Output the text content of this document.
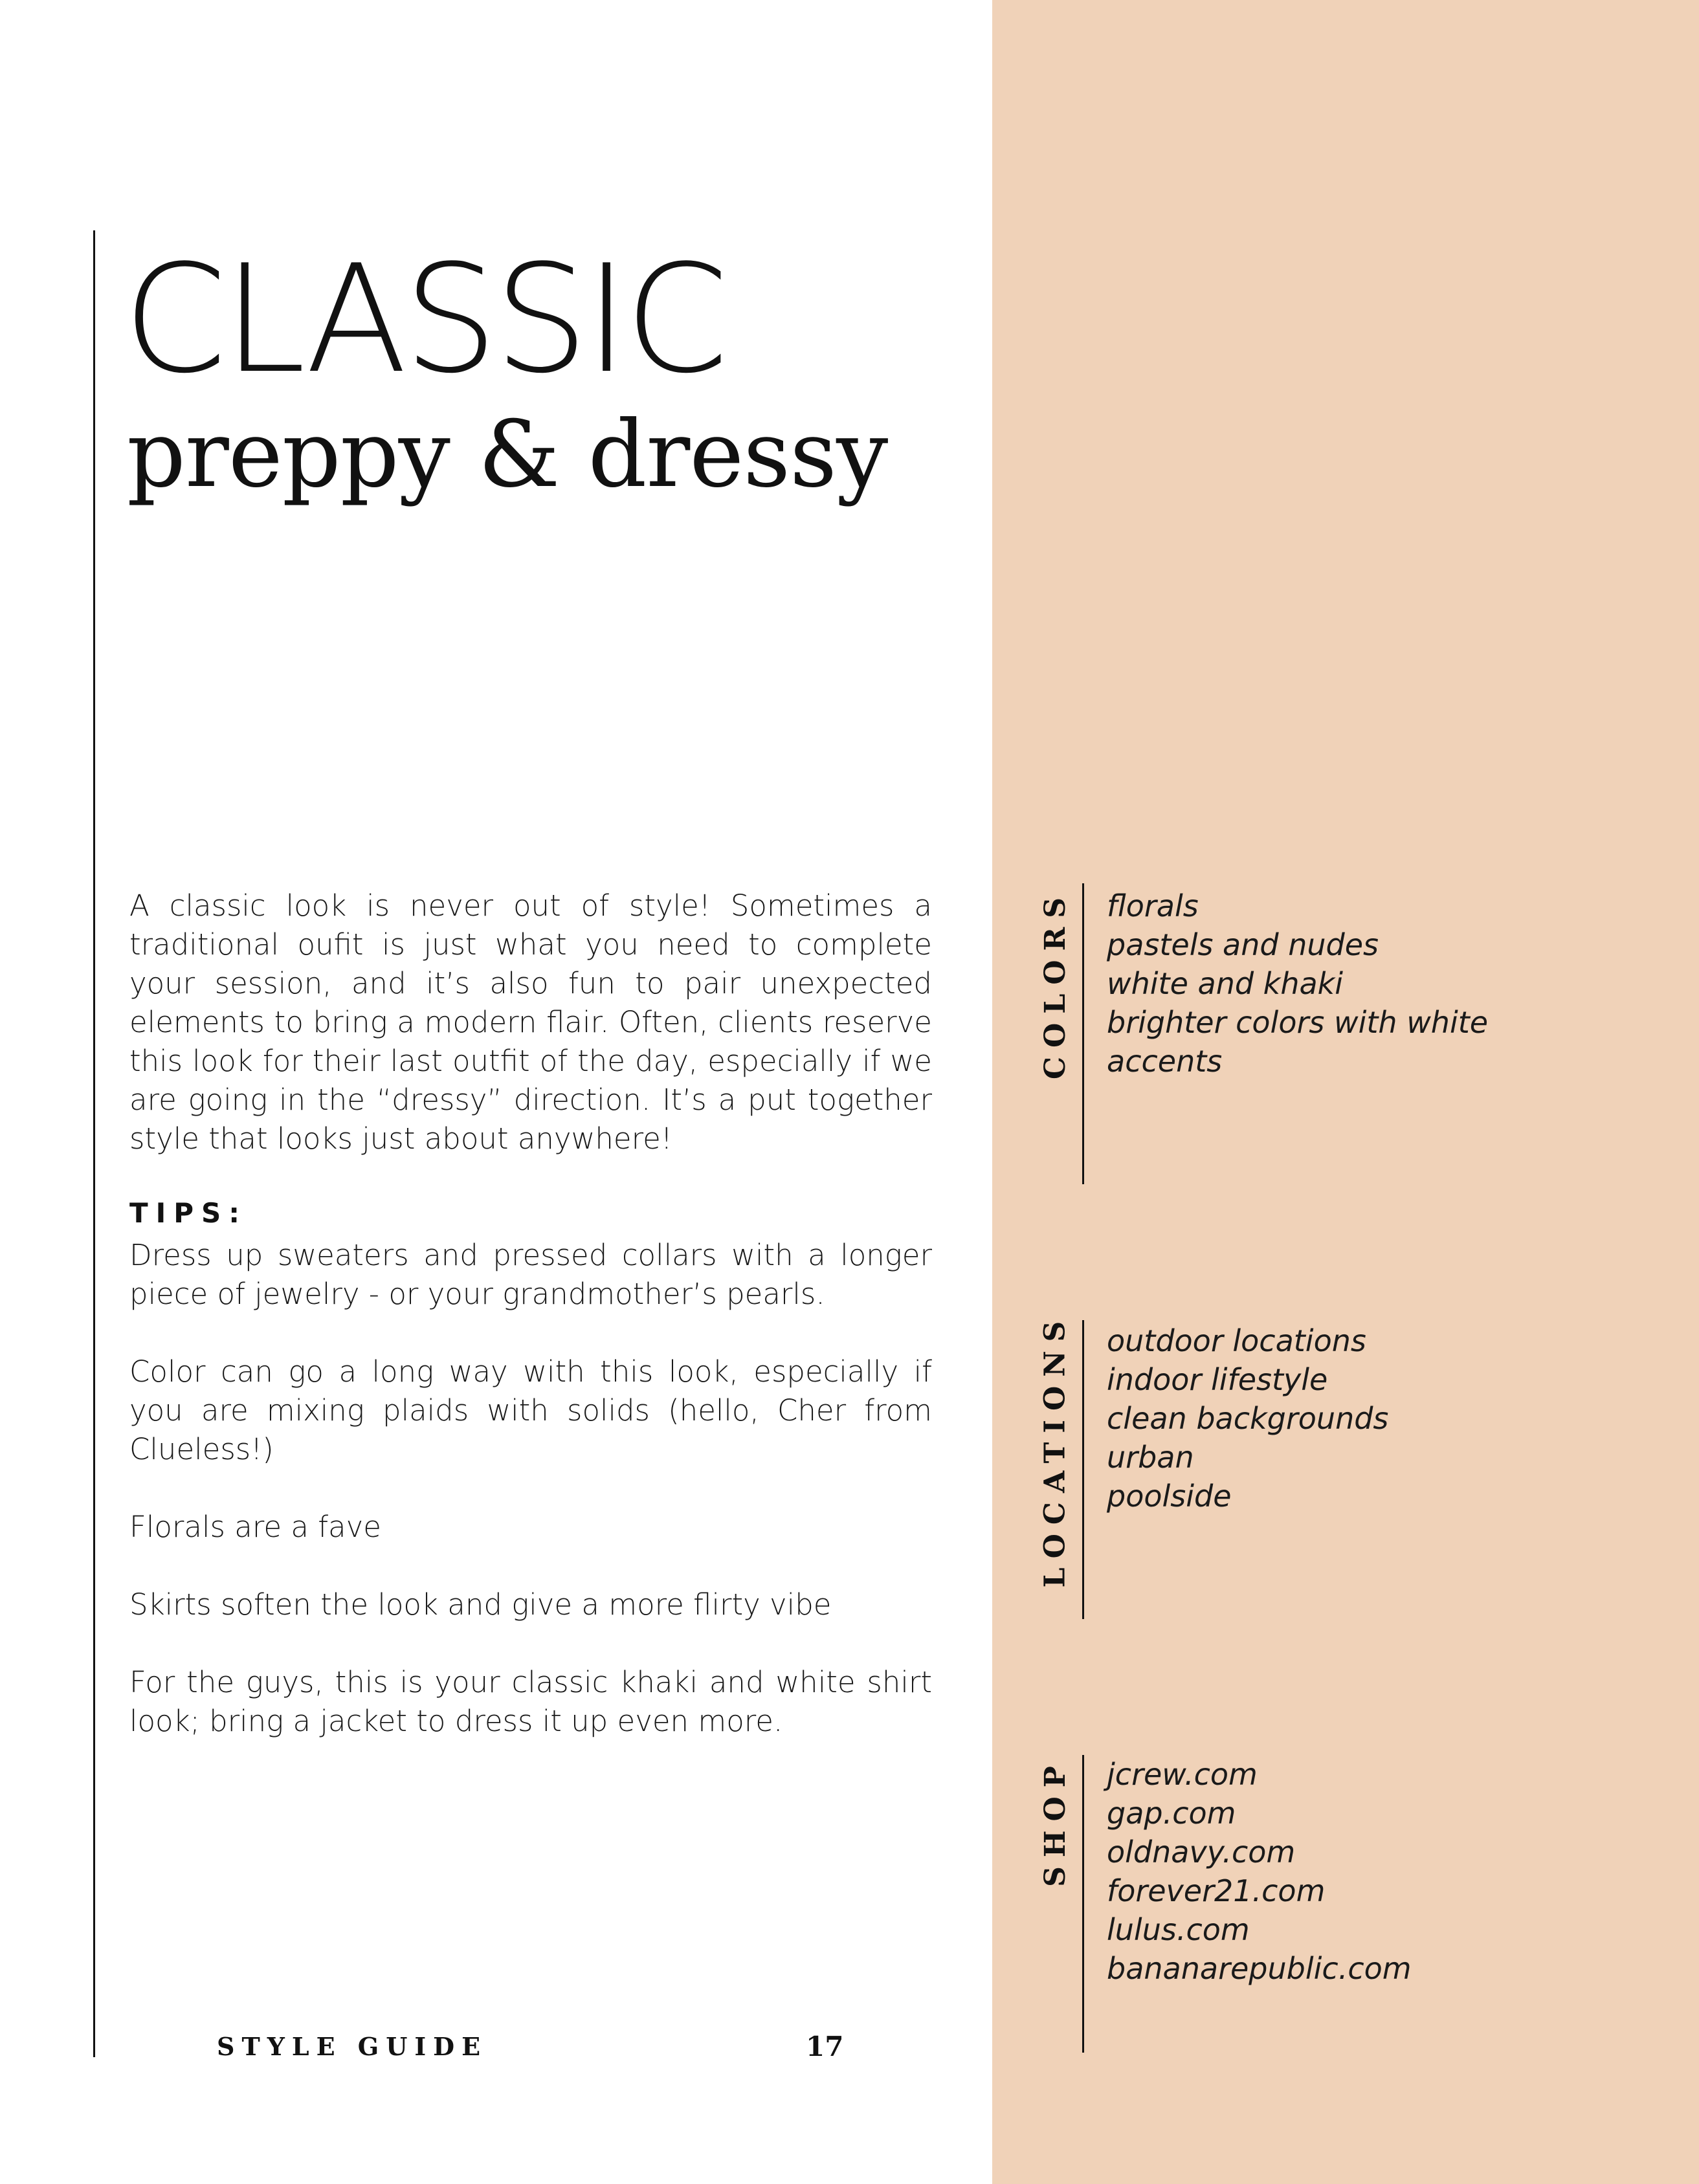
CLASSIC
preppy & dressy

A classic look is never out of style! Sometimes a traditional oufit is just what you need to complete your session, and it’s also fun to pair unexpected elements to bring a modern flair. Often, clients reserve this look for their last outfit of the day, especially if we are going in the “dressy” direction. It’s a put together style that looks just about anywhere!

TIPS:

Dress up sweaters and pressed collars with a longer piece of jewelry - or your grandmother’s pearls.

Color can go a long way with this look, especially if you are mixing plaids with solids (hello, Cher from Clueless!)

Florals are a fave

Skirts soften the look and give a more flirty vibe

For the guys, this is your classic khaki and white shirt look; bring a jacket to dress it up even more.

COLORS florals
pastels and nudes
white and khaki
brighter colors with white
accents
LOCATIONS outdoor locations
indoor lifestyle
clean backgrounds
urban
poolside
SHOP jcrew.com
gap.com
oldnavy.com
forever21.com
lulus.com
bananarepublic.com

STYLE GUIDE	17
